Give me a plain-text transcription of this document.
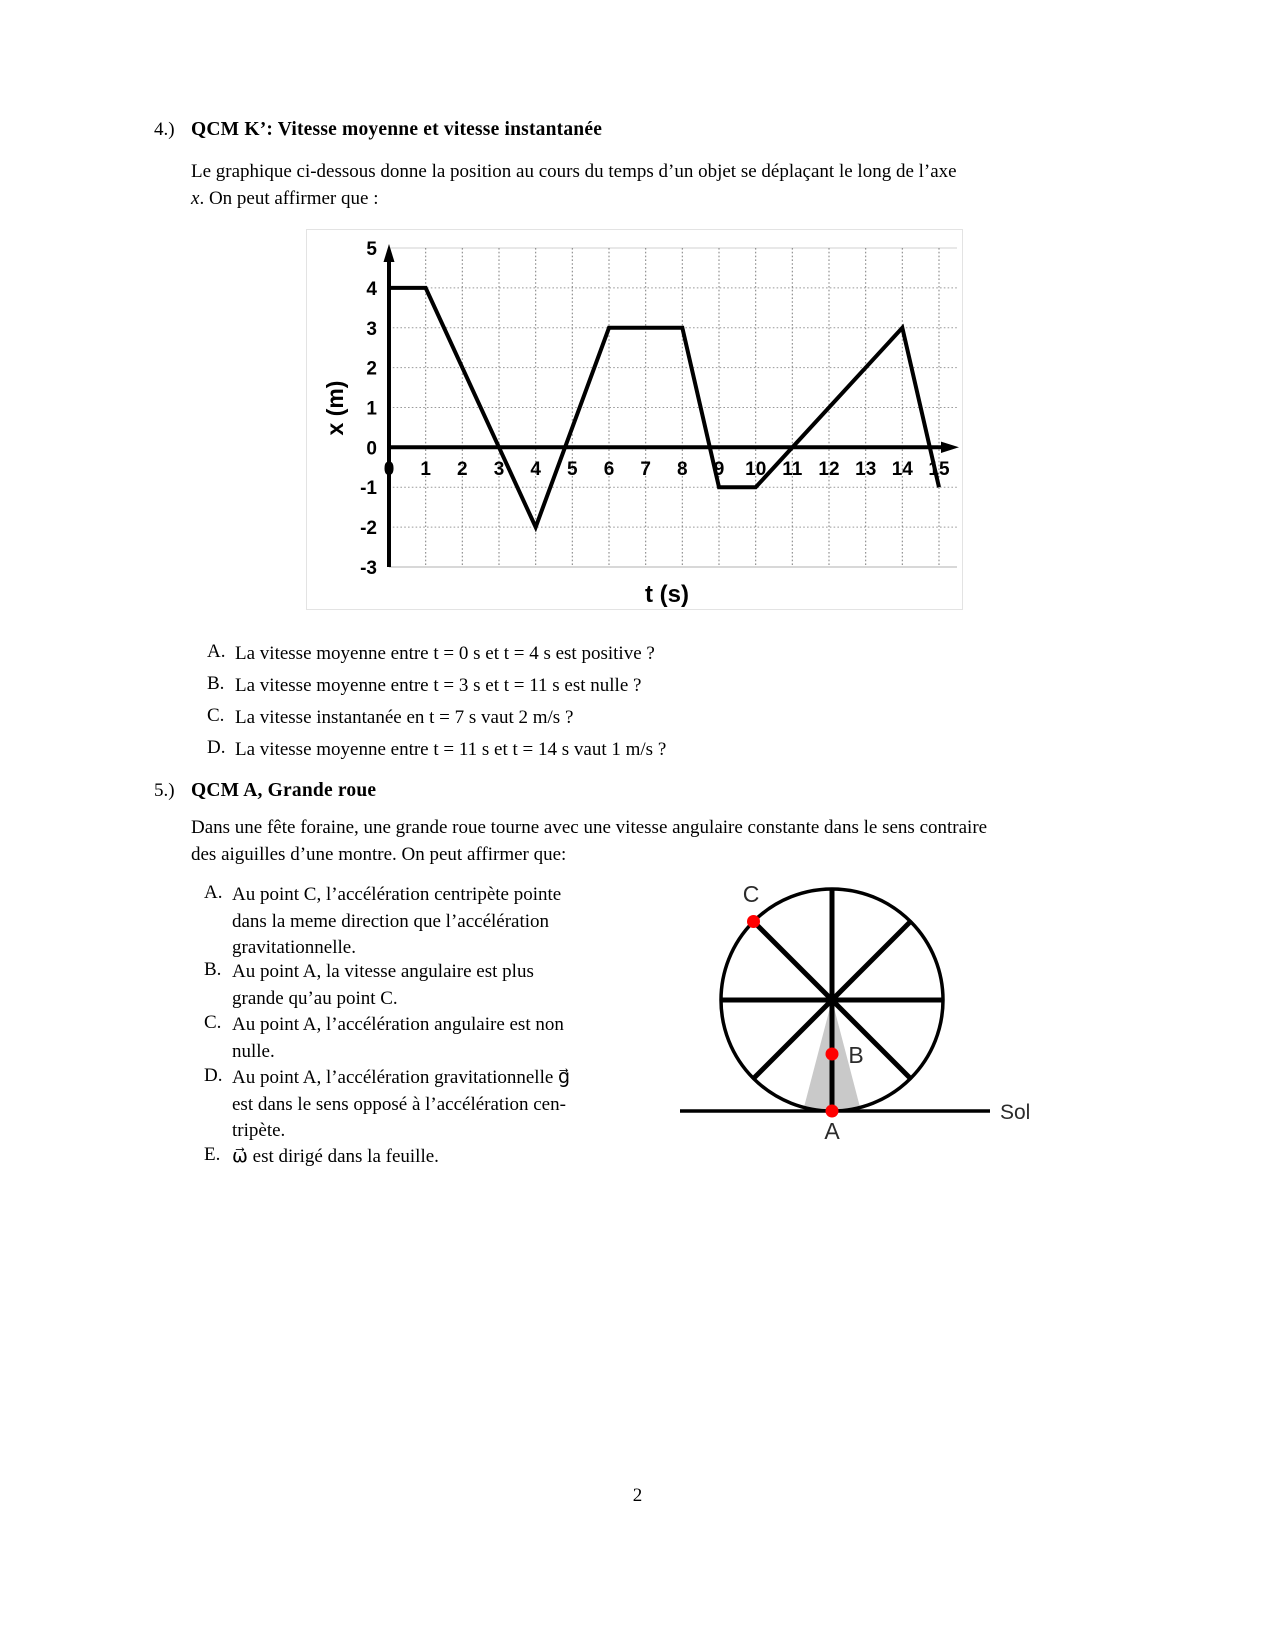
4.) QCM K’: Vitesse moyenne et vitesse instantanée
Le graphique ci-dessous donne la position au cours du temps d’un objet se déplaçant le long de l’axe
x. On peut affirmer que :
5
4
3
2
1
0
-1
-2
-3
0 1 2 3 4 5 6 7 8 9 10 11 12 13 14 15
x (m)
t (s)
A. La vitesse moyenne entre t = 0 s et t = 4 s est positive ?
B. La vitesse moyenne entre t = 3 s et t = 11 s est nulle ?
C. La vitesse instantanée en t = 7 s vaut 2 m/s ?
D. La vitesse moyenne entre t = 11 s et t = 14 s vaut 1 m/s ?
5.) QCM A, Grande roue
Dans une fête foraine, une grande roue tourne avec une vitesse angulaire constante dans le sens contraire
des aiguilles d’une montre. On peut affirmer que:
A. Au point C, l’accélération centripète pointe
dans la meme direction que l’accélération
gravitationnelle.
B. Au point A, la vitesse angulaire est plus
grande qu’au point C.
C. Au point A, l’accélération angulaire est non
nulle.
D. Au point A, l’accélération gravitationnelle g⃗
est dans le sens opposé à l’accélération cen-
tripète.
E. ω⃗ est dirigé dans la feuille.
C
B
A
Sol
2
